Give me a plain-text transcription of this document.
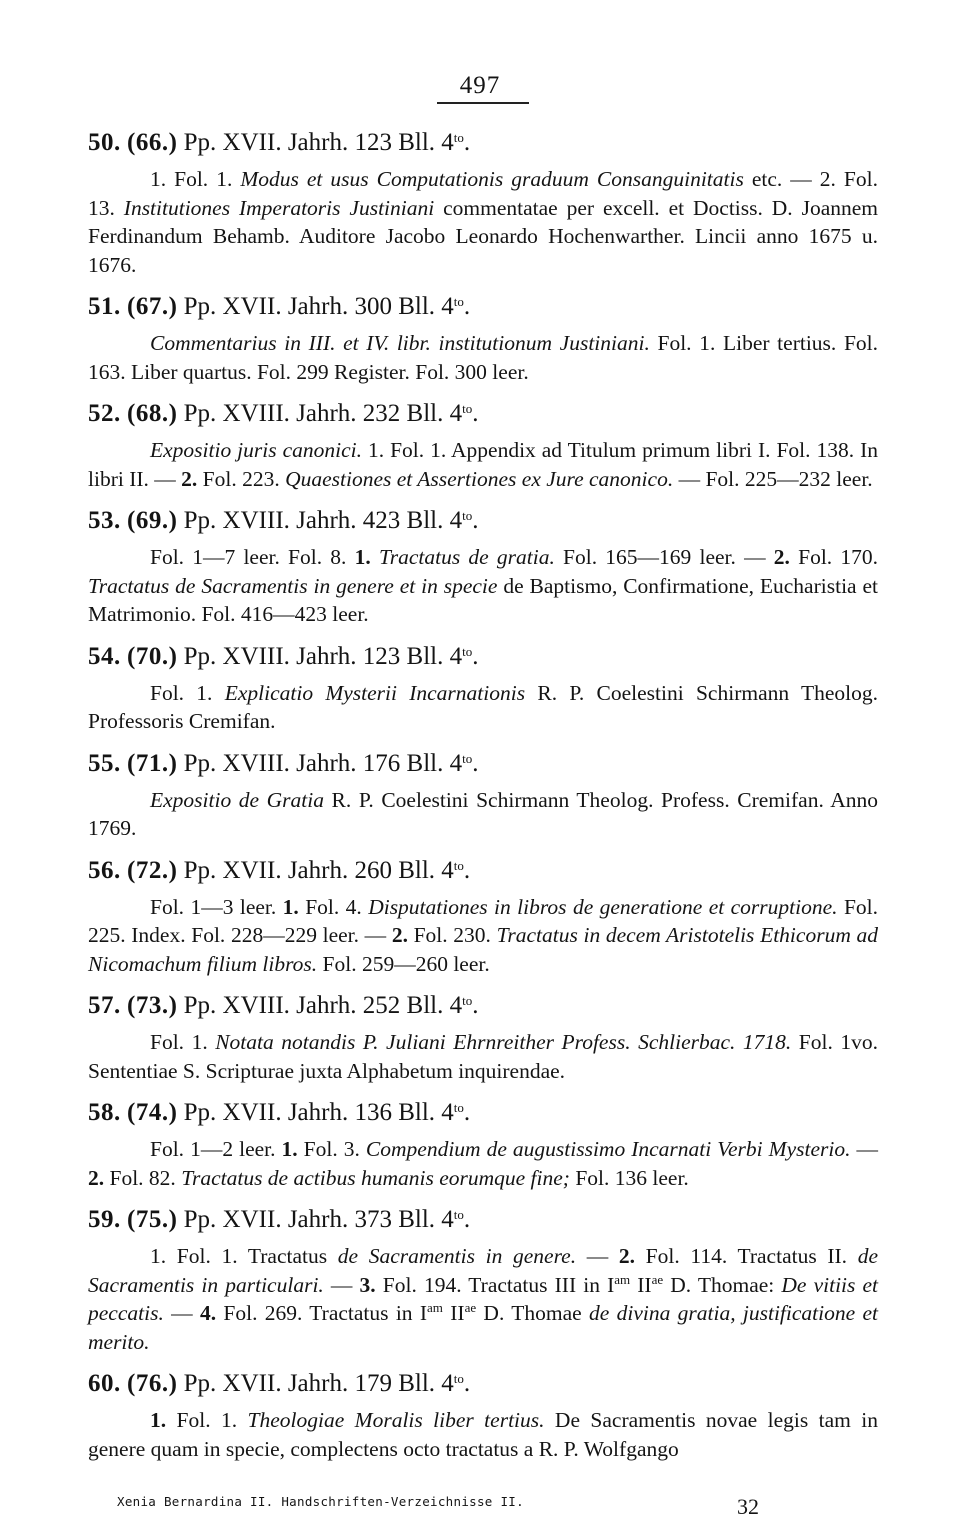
497
50. (66.) Pp. XVII. Jahrh. 123 Bll. $4^{to}$.
1. Fol. 1. Modus et usus Computationis graduum Consanguinitatis etc. — 2. Fol. 13. Institutiones Imperatoris Justiniani commentatae per excell. et Doctiss. D. Joannem Ferdinandum Behamb. Auditore Jacobo Leonardo Hochenwarther. Lincii anno 1675 u. 1676.
51. (67.) Pp. XVII. Jahrh. 300 Bll. $4^{to}$.
Commentarius in III. et IV. libr. institutionum Justiniani. Fol. 1. Liber tertius. Fol. 163. Liber quartus. Fol. 299 Register. Fol. 300 leer.
52. (68.) Pp. XVIII. Jahrh. 232 Bll. $4^{to}$.
Expositio juris canonici. 1. Fol. 1. Appendix ad Titulum primum libri I. Fol. 138. In libri II. — 2. Fol. 223. Quaestiones et Assertiones ex Jure canonico. — Fol. 225—232 leer.
53. (69.) Pp. XVIII. Jahrh. 423 Bll. $4^{to}$.
Fol. 1—7 leer. Fol. 8. 1. Tractatus de gratia. Fol. 165—169 leer. — 2. Fol. 170. Tractatus de Sacramentis in genere et in specie de Baptismo, Confirmatione, Eucharistia et Matrimonio. Fol. 416—423 leer.
54. (70.) Pp. XVIII. Jahrh. 123 Bll. $4^{to}$.
Fol. 1. Explicatio Mysterii Incarnationis R. P. Coelestini Schirmann Theolog. Professoris Cremifan.
55. (71.) Pp. XVIII. Jahrh. 176 Bll. $4^{to}$.
Expositio de Gratia R. P. Coelestini Schirmann Theolog. Profess. Cremifan. Anno 1769.
56. (72.) Pp. XVII. Jahrh. 260 Bll. $4^{to}$.
Fol. 1—3 leer. 1. Fol. 4. Disputationes in libros de generatione et corruptione. Fol. 225. Index. Fol. 228—229 leer. — 2. Fol. 230. Tractatus in decem Aristotelis Ethicorum ad Nicomachum filium libros. Fol. 259—260 leer.
57. (73.) Pp. XVIII. Jahrh. 252 Bll. $4^{to}$.
Fol. 1. Notata notandis P. Juliani Ehrnreither Profess. Schlierbac. 1718. Fol. 1vo. Sententiae S. Scripturae juxta Alphabetum inquirendae.
58. (74.) Pp. XVII. Jahrh. 136 Bll. $4^{to}$.
Fol. 1—2 leer. 1. Fol. 3. Compendium de augustissimo Incarnati Verbi Mysterio. — 2. Fol. 82. Tractatus de actibus humanis eorumque fine; Fol. 136 leer.
59. (75.) Pp. XVII. Jahrh. 373 Bll. $4^{to}$.
1. Fol. 1. Tractatus de Sacramentis in genere. — 2. Fol. 114. Tractatus II. de Sacramentis in particulari. — 3. Fol. 194. Tractatus III in $I^{am}$ $II^{ae}$ D. Thomae: De vitiis et peccatis. — 4. Fol. 269. Tractatus in $I^{am}$ $II^{ae}$ D. Thomae de divina gratia, justificatione et merito.
60. (76.) Pp. XVII. Jahrh. 179 Bll. $4^{to}$.
1. Fol. 1. Theologiae Moralis liber tertius. De Sacramentis novae legis tam in genere quam in specie, complectens octo tractatus a R. P. Wolfgango
Xenia Bernardina II. Handschriften-Verzeichnisse II.	32
